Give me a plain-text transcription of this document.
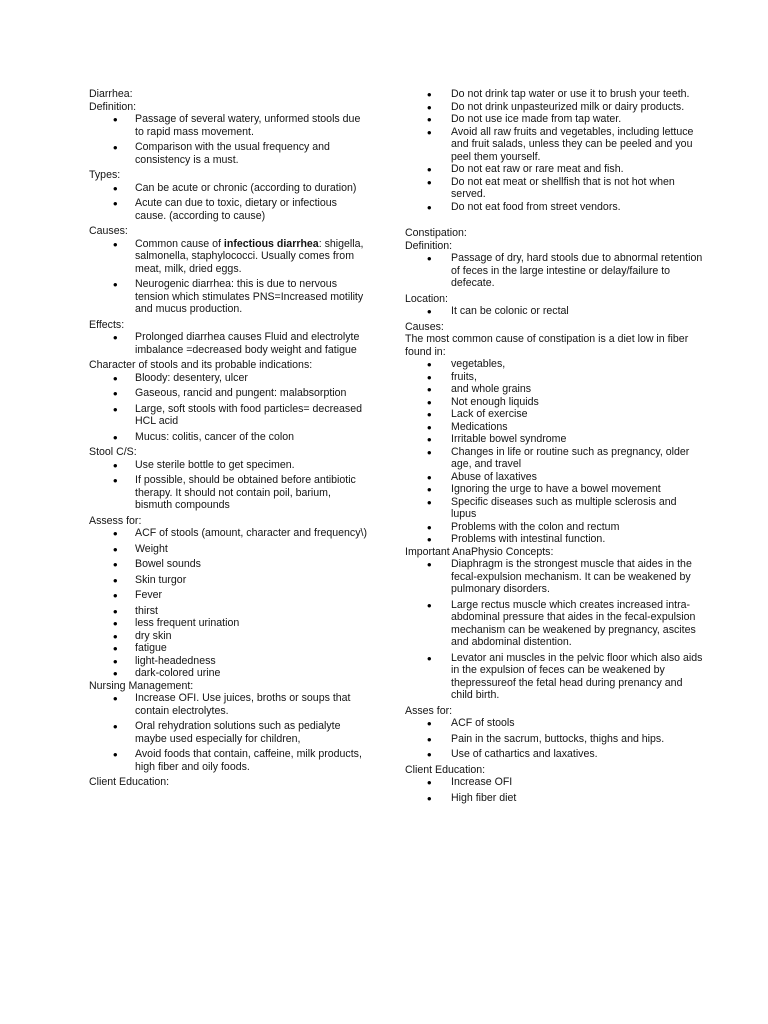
Diarrhea:
Definition:
• Passage of several watery, unformed stools due to rapid mass movement.
• Comparison with the usual frequency and consistency is a must.
Types:
• Can be acute or chronic (according to duration)
• Acute can due to toxic, dietary or infectious cause. (according to cause)
Causes:
• Common cause of infectious diarrhea: shigella, salmonella, staphylococci. Usually comes from meat, milk, dried eggs.
• Neurogenic diarrhea: this is due to nervous tension which stimulates PNS=Increased motility and mucus production.
Effects:
• Prolonged diarrhea causes Fluid and electrolyte imbalance =decreased body weight and fatigue
Character of stools and its probable indications:
• Bloody: desentery, ulcer
• Gaseous, rancid and pungent: malabsorption
• Large, soft stools with food particles= decreased HCL acid
• Mucus: colitis, cancer of the colon
Stool C/S:
• Use sterile bottle to get specimen.
• If possible, should be obtained before antibiotic therapy. It should not contain poil, barium, bismuth compounds
Assess for:
• ACF of stools (amount, character and frequency\)
• Weight
• Bowel sounds
• Skin turgor
• Fever
• thirst
• less frequent urination
• dry skin
• fatigue
• light-headedness
• dark-colored urine
Nursing Management:
• Increase OFI. Use juices, broths or soups that contain electrolytes.
• Oral rehydration solutions such as pedialyte maybe used especially for children,
• Avoid foods that contain, caffeine, milk products, high fiber and oily foods.
Client Education:
• Do not drink tap water or use it to brush your teeth.
• Do not drink unpasteurized milk or dairy products.
• Do not use ice made from tap water.
• Avoid all raw fruits and vegetables, including lettuce and fruit salads, unless they can be peeled and you peel them yourself.
• Do not eat raw or rare meat and fish.
• Do not eat meat or shellfish that is not hot when served.
• Do not eat food from street vendors.
Constipation:
Definition:
• Passage of dry, hard stools due to abnormal retention of feces in the large intestine or delay/failure to defecate.
Location:
• It can be colonic or rectal
Causes:
The most common cause of constipation is a diet low in fiber found in:
• vegetables,
• fruits,
• and whole grains
• Not enough liquids
• Lack of exercise
• Medications
• Irritable bowel syndrome
• Changes in life or routine such as pregnancy, older age, and travel
• Abuse of laxatives
• Ignoring the urge to have a bowel movement
• Specific diseases such as multiple sclerosis and lupus
• Problems with the colon and rectum
• Problems with intestinal function.
Important AnaPhysio Concepts:
• Diaphragm is the strongest muscle that aides in the fecal-expulsion mechanism. It can be weakened by pulmonary disorders.
• Large rectus muscle which creates increased intra-abdominal pressure that aides in the fecal-expulsion mechanism can be weakened by pregnancy, ascites and abdominal distention.
• Levator ani muscles in the pelvic floor which also aids in the expulsion of feces can be weakened by thepressureof the fetal head during prenancy and child birth.
Asses for:
• ACF of stools
• Pain in the sacrum, buttocks, thighs and hips.
• Use of cathartics and laxatives.
Client Education:
• Increase OFI
• High fiber diet
